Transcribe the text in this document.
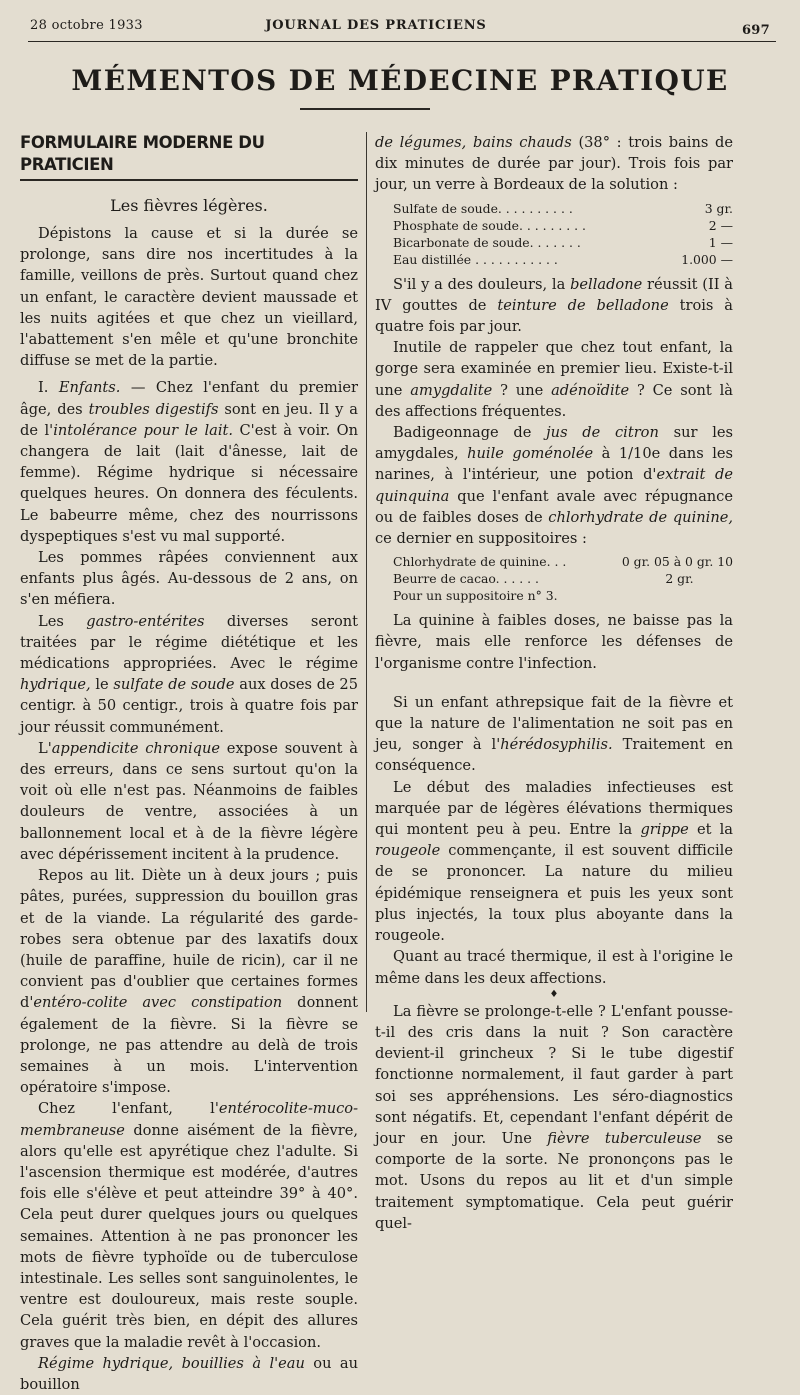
28 octobre 1933	JOURNAL DES PRATICIENS	697
MÉMENTOS DE MÉDECINE PRATIQUE
FORMULAIRE MODERNE DU PRATICIEN
Les fièvres légères.

Dépistons la cause et si la durée se prolonge, sans dire nos incertitudes à la famille, veillons de près. Surtout quand chez un enfant, le caractère devient maussade et les nuits agitées et que chez un vieillard, l'abattement s'en mêle et qu'une bronchite diffuse se met de la partie.

I. Enfants. — Chez l'enfant du premier âge, des troubles digestifs sont en jeu. Il y a de l'intolérance pour le lait. C'est à voir. On changera de lait (lait d'ânesse, lait de femme). Régime hydrique si nécessaire quelques heures. On donnera des féculents. Le babeurre même, chez des nourrissons dyspeptiques s'est vu mal supporté.

Les pommes râpées conviennent aux enfants plus âgés. Au-dessous de 2 ans, on s'en méfiera.

Les gastro-entérites diverses seront traitées par le régime diététique et les médications appropriées. Avec le régime hydrique, le sulfate de soude aux doses de 25 centigr. à 50 centigr., trois à quatre fois par jour réussit communément.

L'appendicite chronique expose souvent à des erreurs, dans ce sens surtout qu'on la voit où elle n'est pas. Néanmoins de faibles douleurs de ventre, associées à un ballonnement local et à de la fièvre légère avec dépérissement incitent à la prudence.

Repos au lit. Diète un à deux jours ; puis pâtes, purées, suppression du bouillon gras et de la viande. La régularité des garde-robes sera obtenue par des laxatifs doux (huile de paraffine, huile de ricin), car il ne convient pas d'oublier que certaines formes d'entéro-colite avec constipation donnent également de la fièvre. Si la fièvre se prolonge, ne pas attendre au delà de trois semaines à un mois. L'intervention opératoire s'impose.

Chez l'enfant, l'entérocolite-muco-membraneuse donne aisément de la fièvre, alors qu'elle est apyrétique chez l'adulte. Si l'ascension thermique est modérée, d'autres fois elle s'élève et peut atteindre 39° à 40°. Cela peut durer quelques jours ou quelques semaines. Attention à ne pas prononcer les mots de fièvre typhoïde ou de tuberculose intestinale. Les selles sont sanguinolentes, le ventre est douloureux, mais reste souple. Cela guérit très bien, en dépit des allures graves que la maladie revêt à l'occasion.

Régime hydrique, bouillies à l'eau ou au bouillon

de légumes, bains chauds (38° : trois bains de dix minutes de durée par jour). Trois fois par jour, un verre à Bordeaux de la solution :

Sulfate de soude. . . . . . . . . .	3 gr.
Phosphate de soude. . . . . . . . .	2 —
Bicarbonate de soude. . . . . . .	1 —
Eau distillée . . . . . . . . . . .	1.000 —

S'il y a des douleurs, la belladone réussit (II à IV gouttes de teinture de belladone trois à quatre fois par jour.

Inutile de rappeler que chez tout enfant, la gorge sera examinée en premier lieu. Existe-t-il une amygdalite ? une adénoïdite ? Ce sont là des affections fréquentes.

Badigeonnage de jus de citron sur les amygdales, huile goménolée à 1/10e dans les narines, à l'intérieur, une potion d'extrait de quinquina que l'enfant avale avec répugnance ou de faibles doses de chlorhydrate de quinine, ce dernier en suppositoires :

Chlorhydrate de quinine. . .	0 gr. 05 à 0 gr. 10
Beurre de cacao. . . . . .	2 gr.
Pour un suppositoire n° 3.

La quinine à faibles doses, ne baisse pas la fièvre, mais elle renforce les défenses de l'organisme contre l'infection.

Si un enfant athrepsique fait de la fièvre et que la nature de l'alimentation ne soit pas en jeu, songer à l'hérédosyphilis. Traitement en conséquence.

Le début des maladies infectieuses est marquée par de légères élévations thermiques qui montent peu à peu. Entre la grippe et la rougeole commençante, il est souvent difficile de se prononcer. La nature du milieu épidémique renseignera et puis les yeux sont plus injectés, la toux plus aboyante dans la rougeole.

Quant au tracé thermique, il est à l'origine le même dans les deux affections.

♦

La fièvre se prolonge-t-elle ? L'enfant pousse-t-il des cris dans la nuit ? Son caractère devient-il grincheux ? Si le tube digestif fonctionne normalement, il faut garder à part soi ses appréhensions. Les séro-diagnostics sont négatifs. Et, cependant l'enfant dépérit de jour en jour. Une fièvre tuberculeuse se comporte de la sorte. Ne prononçons pas le mot. Usons du repos au lit et d'un simple traitement symptomatique. Cela peut guérir quel-
